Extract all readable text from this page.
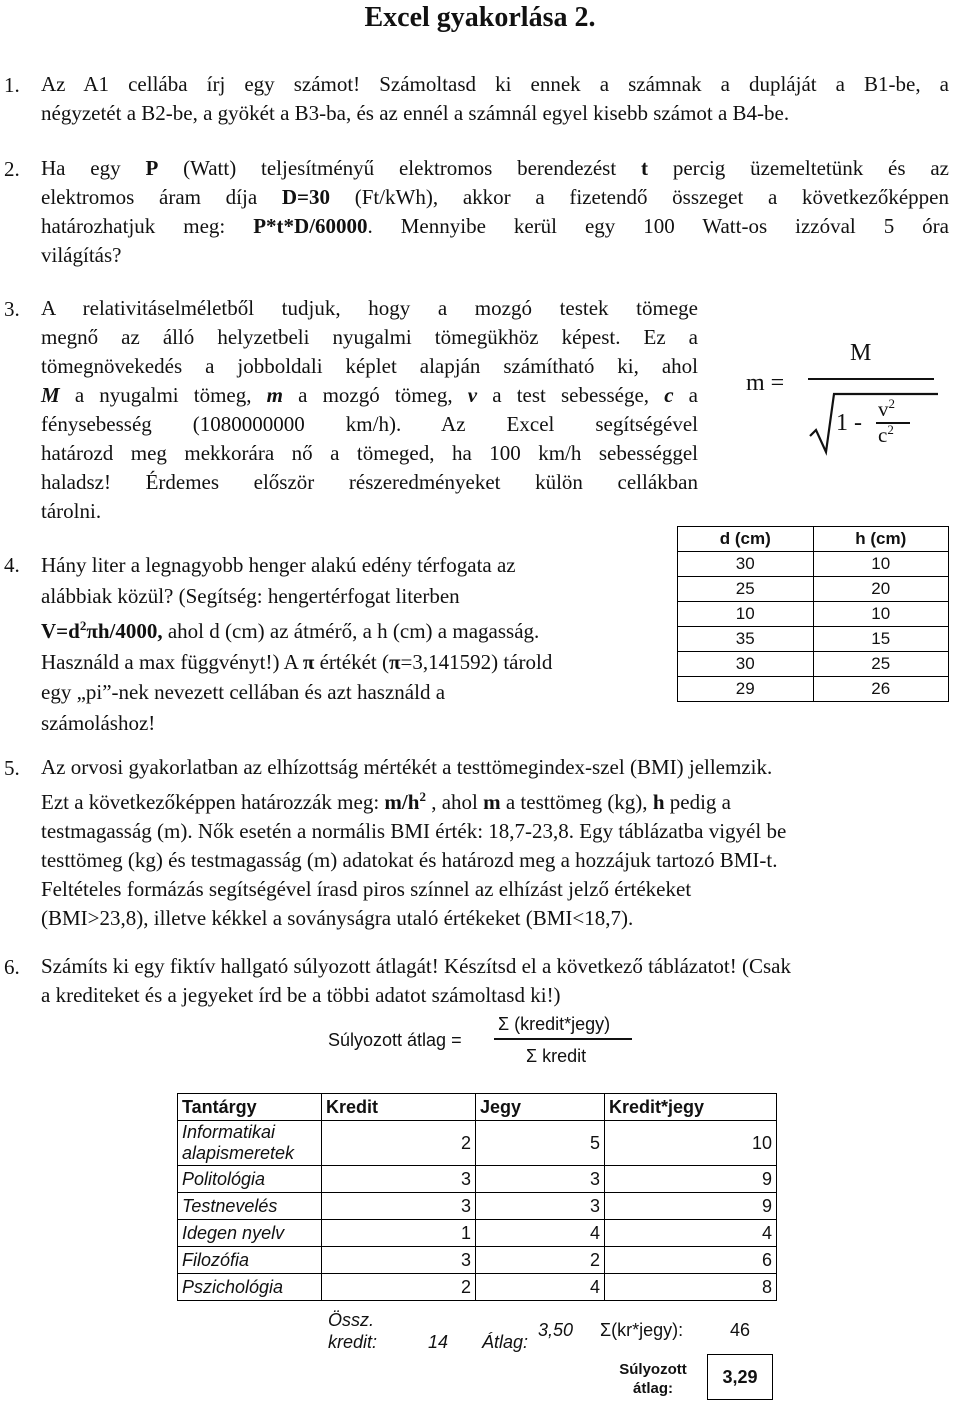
Excel gyakorlása 2.
1. Az A1 cellába írj egy számot! Számoltasd ki ennek a számnak a dupláját a B1-be, a
négyzetét a B2-be, a gyökét a B3-ba, és az ennél a számnál egyel kisebb számot a B4-be.
2. Ha egy P (Watt) teljesítményű elektromos berendezést t percig üzemeltetünk és az
elektromos áram díja D=30 (Ft/kWh), akkor a fizetendő összeget a következőképpen
határozhatjuk meg: P*t*D/60000. Mennyibe kerül egy 100 Watt-os izzóval 5 óra
világítás?
3. A relativitáselméletből tudjuk, hogy a mozgó testek tömege
megnő az álló helyzetbeli nyugalmi tömegükhöz képest. Ez a
tömegnövekedés a jobboldali képlet alapján számítható ki, ahol
M a nyugalmi tömeg, m a mozgó tömeg, v a test sebessége, c a
fénysebesség (1080000000 km/h). Az Excel segítségével
határozd meg mekkorára nő a tömeged, ha 100 km/h sebességgel
haladsz! Érdemes először részeredményeket külön cellákban
tárolni.
m =
M
1 -
$v^2$
$c^2$
4. Hány liter a legnagyobb henger alakú edény térfogata az
alábbiak közül? (Segítség: hengertérfogat literben
$V=d^2\pi h/4000$, ahol d (cm) az átmérő, a h (cm) a magasság.
Használd a max függvényt!) A π értékét (π=3,141592) tárold
egy „pi”-nek nevezett cellában és azt használd a
számoláshoz!
d (cm)	h (cm)
30	10
25	20
10	10
35	15
30	25
29	26
5. Az orvosi gyakorlatban az elhízottság mértékét a testtömegindex-szel (BMI) jellemzik.
Ezt a következőképpen határozzák meg: $m/h^2$ , ahol m a testtömeg (kg), h pedig a
testmagasság (m). Nők esetén a normális BMI érték: 18,7-23,8. Egy táblázatba vigyél be
testtömeg (kg) és testmagasság (m) adatokat és határozd meg a hozzájuk tartozó BMI-t.
Feltételes formázás segítségével írasd piros színnel az elhízást jelző értékeket
(BMI>23,8), illetve kékkel a soványságra utaló értékeket (BMI<18,7).
6. Számíts ki egy fiktív hallgató súlyozott átlagát! Készítsd el a következő táblázatot! (Csak
a krediteket és a jegyeket írd be a többi adatot számoltasd ki!)
Súlyozott átlag =
Σ (kredit*jegy)
Σ kredit
Tantárgy	Kredit	Jegy	Kredit*jegy
Informatikai alapismeretek	2	5	10
Politológia	3	3	9
Testnevelés	3	3	9
Idegen nyelv	1	4	4
Filozófia	3	2	6
Pszichológia	2	4	8
Össz. kredit:	14 Átlag:
3,50 Σ(kr*jegy):	46
Súlyozott átlag:
3,29
